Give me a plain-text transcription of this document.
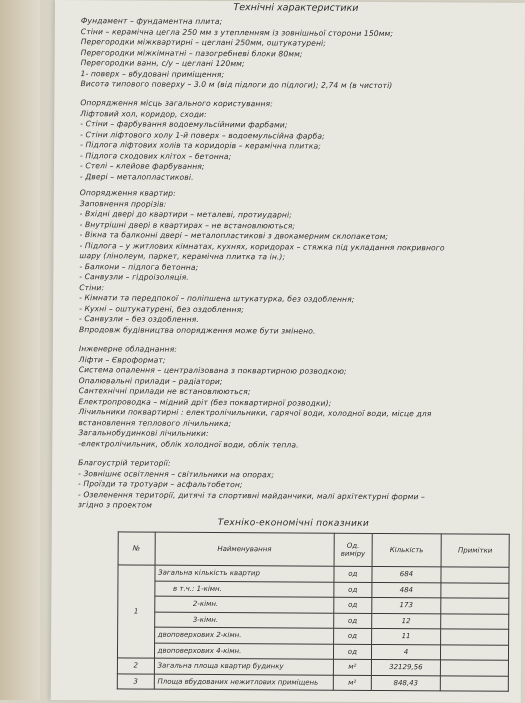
Технічні характеристики
Фундамент – фундаментна плита;
Стіни – керамічна цегла 250 мм з утепленням із зовнішньої сторони 150мм;
Перегородки міжквартирні – цеглані 250мм, оштукатурені;
Перегородки міжкімнатні – пазогребневі блоки 80мм;
Перегородки ванн, с/у – цеглані 120мм;
1- поверх – вбудовані приміщення;
Висота типового поверху – 3.0 м (від підлоги до підлоги); 2,74 м (в чистоті)
Опорядження місць загального користування:
Ліфтовий хол, коридор, сходи:
- Стіни – фарбування водоемульсійними фарбами;
- Стіни ліфтового холу 1-й поверх – водоемульсійна фарба;
- Підлога ліфтових холів та коридорів – керамічна плитка;
- Підлога сходових клітох – бетонна;
- Стелі – клейове фарбування;
- Двері – металопластикові.
Опорядження квартир:
Заповнення прорізів:
- Вхідні двері до квартири – металеві, протиударні;
- Внутрішні двері в квартирах – не встановлюються;
- Вікна та балконні двері – металопластикові з двокамерним склопакетом;
- Підлога – у житлових кімнатах, кухнях, коридорах – стяжка під укладання покривного
шару (лінолеум, паркет, керамічна плитка та ін.);
- Балкони – підлога бетонна;
- Санвузли – гідроізоляція.
Стіни:
- Кімнати та передпокої – поліпшена штукатурка, без оздоблення;
- Кухні – оштукатурені, без оздоблення;
- Санвузли – без оздоблення.
Впродовж будівництва опорядження може бути змінено.
Інженерне обладнання:
Ліфти – Євроформат;
Система опалення – централізована з поквартирною розводкою;
Опалювальні прилади – радіатори;
Сантехнічні прилади не встановлюються;
Електропроводка – мідний дріт (без поквартирної розводки);
Лічильники поквартирні : електролічильники, гарячої води, холодної води, місце для
встановлення теплового лічильника;
Загальнобудинкові лічильники:
-електролічильник, облік холодної води, облік тепла.
Благоустрій території:
- Зовнішнє освітлення – світильники на опорах;
- Проїзди та тротуари – асфальтобетон;
- Озеленення території, дитячі та спортивні майданчики, малі архітектурні форми –
згідно з проектом
Техніко-економічні показники
№	Найменування	Од. виміру	Кількість	Примітки
1	Загальна кількість квартир	од	684	
	в т.ч.: 1-кімн.	од	484	
	2-кімн.	од	173	
	3-кімн.	од	12	
	двоповерхових 2-кімн.	од	11	
	двоповерхових 4-кімн.	од	4	
2	Загальна площа квартир будинку	м²	32129,56	
3	Площа вбудованих нежитлових приміщень	м²	848,43	
